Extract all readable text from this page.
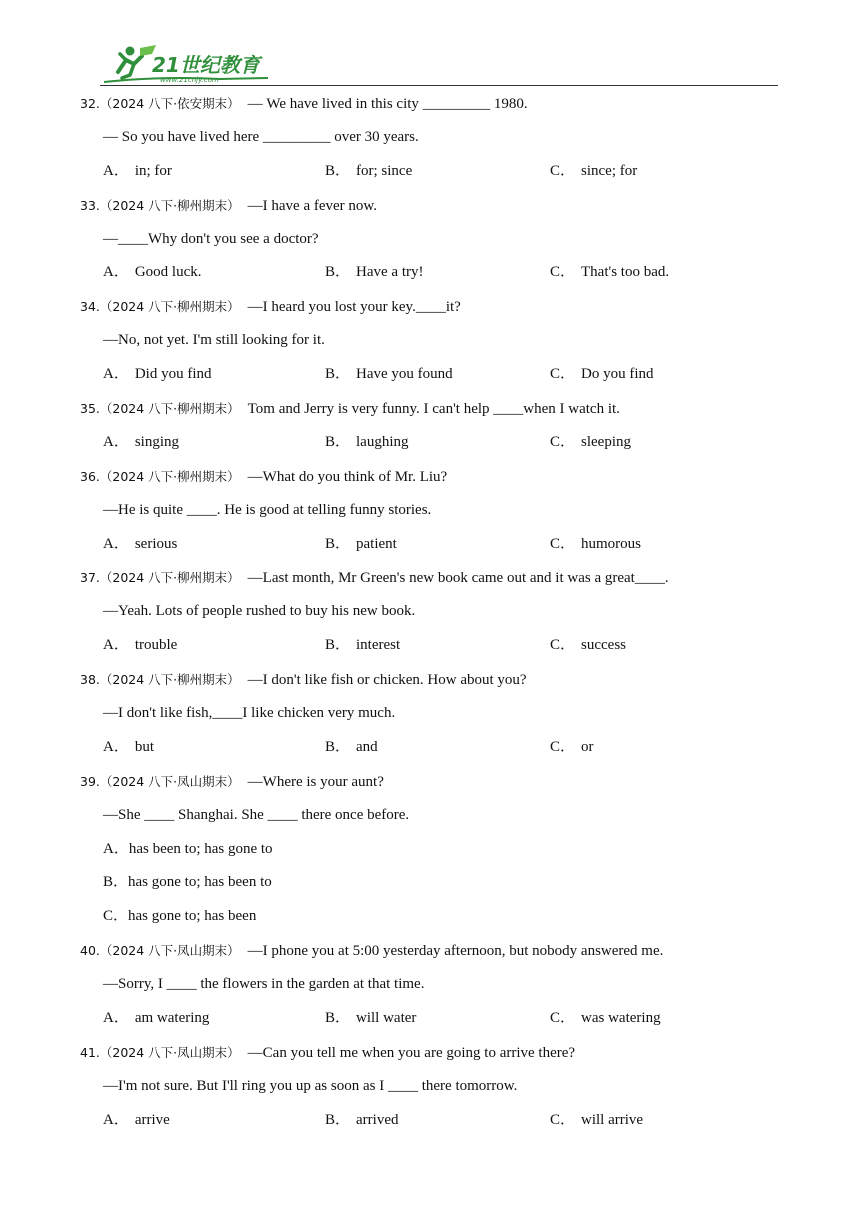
21世纪教育
www.21cnjy.com
32.（2024 八下·依安期末） — We have lived in this city _________ 1980.
— So you have lived here _________ over 30 years.
A． in; for	B． for; since	C． since; for
33.（2024 八下·柳州期末） —I have a fever now.
—____Why don't you see a doctor?
A． Good luck.	B． Have a try!	C． That's too bad.
34.（2024 八下·柳州期末） —I heard you lost your key.____it?
—No, not yet. I'm still looking for it.
A． Did you find	B． Have you found	C． Do you find
35.（2024 八下·柳州期末） Tom and Jerry is very funny. I can't help ____when I watch it.
A． singing	B． laughing	C． sleeping
36.（2024 八下·柳州期末） —What do you think of Mr. Liu?
—He is quite ____. He is good at telling funny stories.
A． serious	B． patient	C． humorous
37.（2024 八下·柳州期末） —Last month, Mr Green's new book came out and it was a great____.
—Yeah. Lots of people rushed to buy his new book.
A． trouble	B． interest	C． success
38.（2024 八下·柳州期末） —I don't like fish or chicken. How about you?
—I don't like fish,____I like chicken very much.
A． but	B． and	C． or
39.（2024 八下·凤山期末） —Where is your aunt?
—She ____ Shanghai. She ____ there once before.
A．has been to; has gone to
B．has gone to; has been to
C．has gone to; has been
40.（2024 八下·凤山期末） —I phone you at 5:00 yesterday afternoon, but nobody answered me.
—Sorry, I ____ the flowers in the garden at that time.
A． am watering	B． will water	C． was watering
41.（2024 八下·凤山期末） —Can you tell me when you are going to arrive there?
—I'm not sure. But I'll ring you up as soon as I ____ there tomorrow.
A． arrive	B． arrived	C． will arrive
